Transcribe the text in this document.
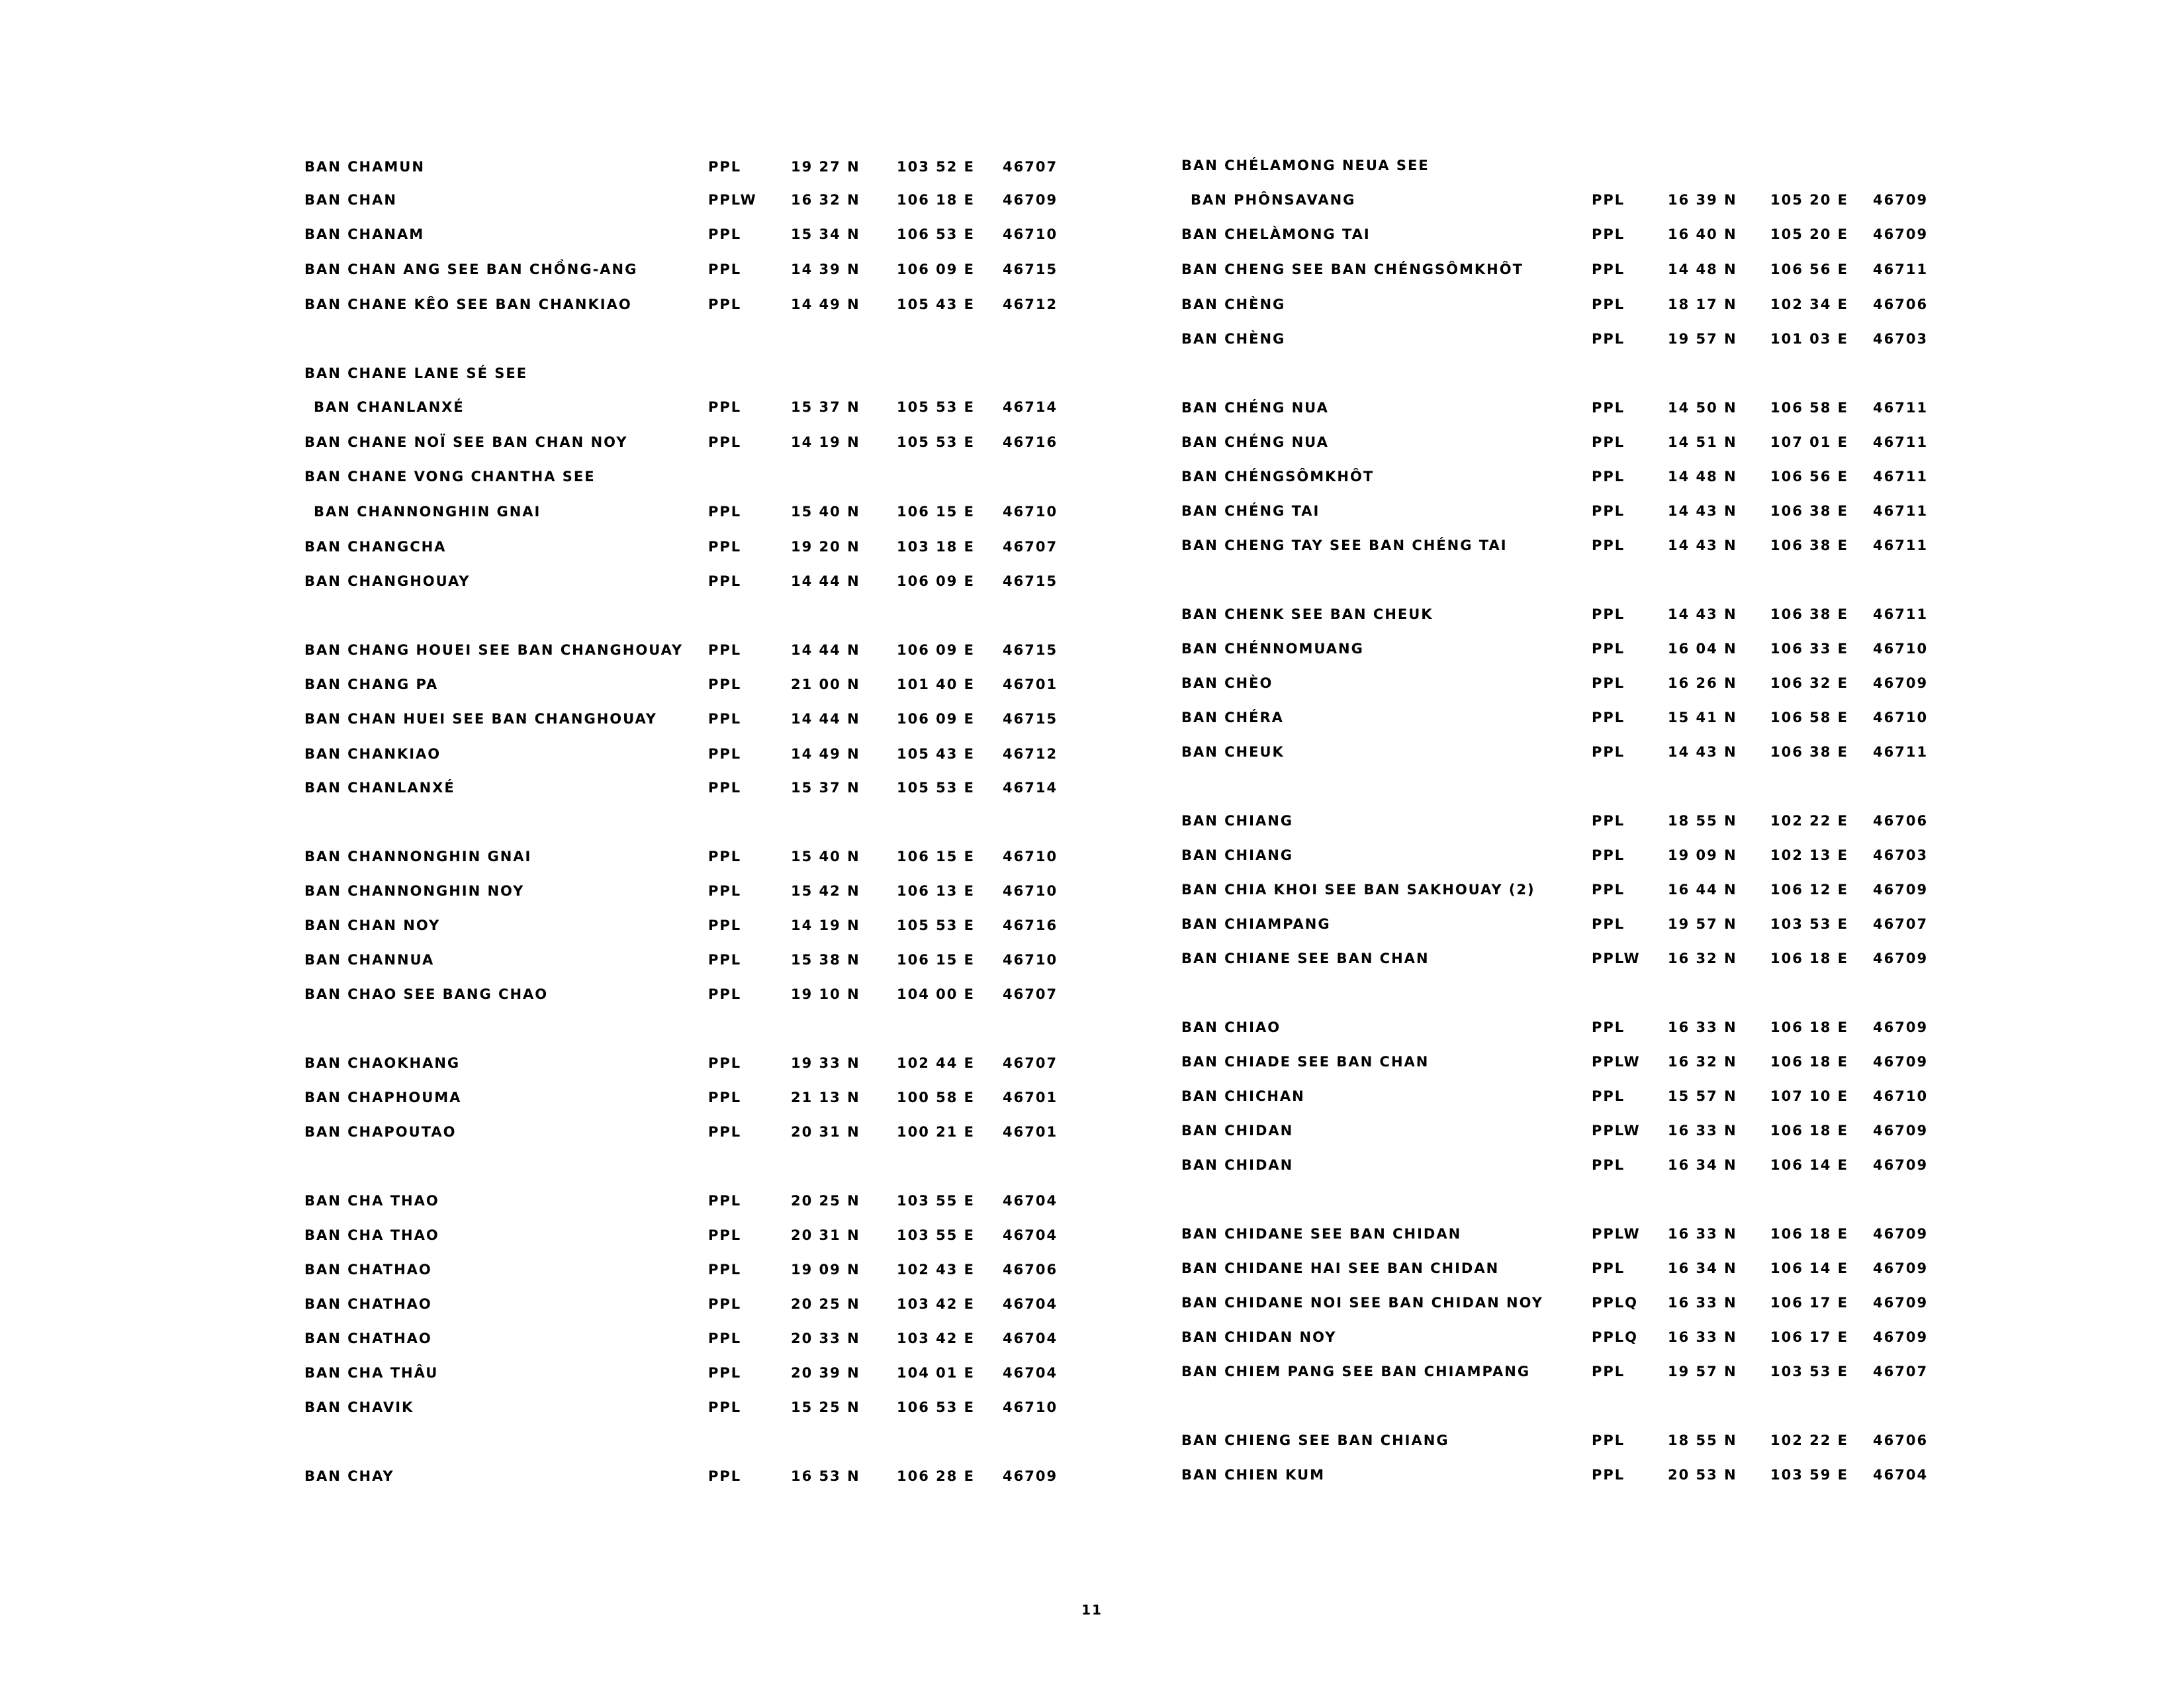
BAN CHAMUN	PPL	19 27 N	103 52 E 46707
BAN CHAN	PPLW 16 32 N	106 18 E 46709
BAN CHANAM	PPL	15 34 N	106 53 E 46710
BAN CHAN ANG SEE BAN CHỒNG-ANG	PPL	14 39 N	106 09 E 46715
BAN CHANE KÊO SEE BAN CHANKIAO	PPL	14 49 N	105 43 E 46712
BAN CHANE LANE SÉ SEE
BAN CHANLANXÉ	PPL	15 37 N	105 53 E 46714
BAN CHANE NOÏ SEE BAN CHAN NOY	PPL	14 19 N	105 53 E 46716
BAN CHANE VONG CHANTHA SEE
BAN CHANNONGHIN GNAI	PPL	15 40 N	106 15 E 46710
BAN CHANGCHA	PPL	19 20 N	103 18 E 46707
BAN CHANGHOUAY	PPL	14 44 N	106 09 E 46715
BAN CHANG HOUEI SEE BAN CHANGHOUAY PPL	14 44 N	106 09 E 46715
BAN CHANG PA	PPL	21 00 N	101 40 E 46701
BAN CHAN HUEI SEE BAN CHANGHOUAY	PPL	14 44 N	106 09 E 46715
BAN CHANKIAO	PPL	14 49 N	105 43 E 46712
BAN CHANLANXÉ	PPL	15 37 N	105 53 E 46714
BAN CHANNONGHIN GNAI	PPL	15 40 N	106 15 E 46710
BAN CHANNONGHIN NOY	PPL	15 42 N	106 13 E 46710
BAN CHAN NOY	PPL	14 19 N	105 53 E 46716
BAN CHANNUA	PPL	15 38 N	106 15 E 46710
BAN CHAO SEE BANG CHAO	PPL	19 10 N	104 00 E 46707
BAN CHAOKHANG	PPL	19 33 N	102 44 E 46707
BAN CHAPHOUMA	PPL	21 13 N	100 58 E 46701
BAN CHAPOUTAO	PPL	20 31 N	100 21 E 46701
BAN CHA THAO	PPL	20 25 N	103 55 E 46704
BAN CHA THAO	PPL	20 31 N	103 55 E 46704
BAN CHATHAO	PPL	19 09 N	102 43 E 46706
BAN CHATHAO	PPL	20 25 N	103 42 E 46704
BAN CHATHAO	PPL	20 33 N	103 42 E 46704
BAN CHA THÂU	PPL	20 39 N	104 01 E 46704
BAN CHAVIK	PPL	15 25 N	106 53 E 46710
BAN CHAY	PPL	16 53 N	106 28 E 46709
BAN CHÉLAMONG NEUA SEE
BAN PHÔNSAVANG	PPL	16 39 N 105 20 E 46709
BAN CHELÀMONG TAI	PPL	16 40 N 105 20 E 46709
BAN CHENG SEE BAN CHÉNGSÔMKHÔT	PPL	14 48 N 106 56 E 46711
BAN CHÈNG	PPL	18 17 N 102 34 E 46706
BAN CHÈNG	PPL	19 57 N 101 03 E 46703
BAN CHÉNG NUA	PPL	14 50 N 106 58 E 46711
BAN CHÉNG NUA	PPL	14 51 N 107 01 E 46711
BAN CHÉNGSÔMKHÔT	PPL	14 48 N 106 56 E 46711
BAN CHÉNG TAI	PPL	14 43 N 106 38 E 46711
BAN CHENG TAY SEE BAN CHÉNG TAI	PPL	14 43 N 106 38 E 46711
BAN CHENK SEE BAN CHEUK	PPL	14 43 N 106 38 E 46711
BAN CHÉNNOMUANG	PPL	16 04 N 106 33 E 46710
BAN CHÈO	PPL	16 26 N 106 32 E 46709
BAN CHÉRA	PPL	15 41 N 106 58 E 46710
BAN CHEUK	PPL	14 43 N 106 38 E 46711
BAN CHIANG	PPL	18 55 N 102 22 E 46706
BAN CHIANG	PPL	19 09 N 102 13 E 46703
BAN CHIA KHOI SEE BAN SAKHOUAY (2)	PPL	16 44 N 106 12 E 46709
BAN CHIAMPANG	PPL	19 57 N 103 53 E 46707
BAN CHIANE SEE BAN CHAN	PPLW 16 32 N 106 18 E 46709
BAN CHIAO	PPL	16 33 N 106 18 E 46709
BAN CHIADE SEE BAN CHAN	PPLW 16 32 N 106 18 E 46709
BAN CHICHAN	PPL	15 57 N 107 10 E 46710
BAN CHIDAN	PPLW 16 33 N 106 18 E 46709
BAN CHIDAN	PPL	16 34 N 106 14 E 46709
BAN CHIDANE SEE BAN CHIDAN	PPLW 16 33 N 106 18 E 46709
BAN CHIDANE HAI SEE BAN CHIDAN	PPL	16 34 N 106 14 E 46709
BAN CHIDANE NOI SEE BAN CHIDAN NOY	PPLQ 16 33 N 106 17 E 46709
BAN CHIDAN NOY	PPLQ 16 33 N 106 17 E 46709
BAN CHIEM PANG SEE BAN CHIAMPANG	PPL	19 57 N 103 53 E 46707
BAN CHIENG SEE BAN CHIANG	PPL	18 55 N 102 22 E 46706
BAN CHIEN KUM	PPL	20 53 N 103 59 E 46704
11
